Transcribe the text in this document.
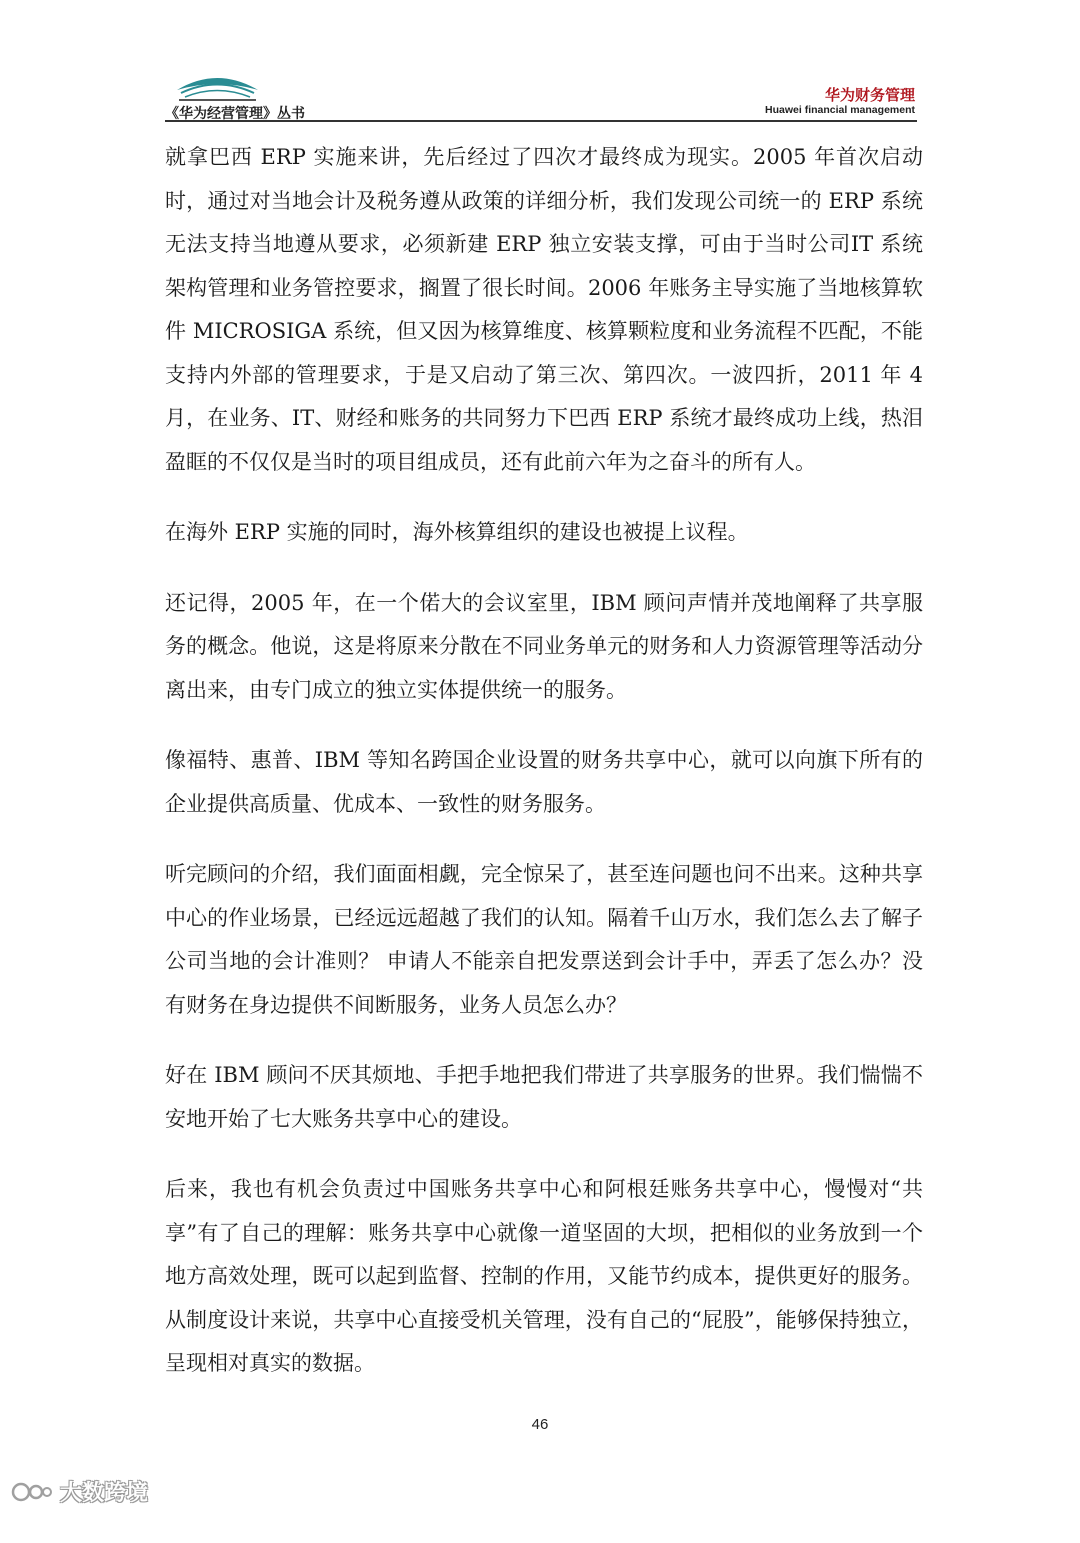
《华为经营管理》丛书
华为财务管理
Huawei financial management

就拿巴西 ERP 实施来讲，先后经过了四次才最终成为现实。2005 年首次启动时，通过对当地会计及税务遵从政策的详细分析，我们发现公司统一的 ERP 系统无法支持当地遵从要求，必须新建 ERP 独立安装支撑，可由于当时公司IT 系统架构管理和业务管控要求，搁置了很长时间。2006 年账务主导实施了当地核算软件 MICROSIGA 系统，但又因为核算维度、核算颗粒度和业务流程不匹配，不能支持内外部的管理要求，于是又启动了第三次、第四次。一波四折，2011 年 4 月，在业务、IT、财经和账务的共同努力下巴西 ERP 系统才最终成功上线，热泪盈眶的不仅仅是当时的项目组成员，还有此前六年为之奋斗的所有人。

在海外 ERP 实施的同时，海外核算组织的建设也被提上议程。

还记得，2005 年，在一个偌大的会议室里，IBM 顾问声情并茂地阐释了共享服务的概念。他说，这是将原来分散在不同业务单元的财务和人力资源管理等活动分离出来，由专门成立的独立实体提供统一的服务。

像福特、惠普、IBM 等知名跨国企业设置的财务共享中心，就可以向旗下所有的企业提供高质量、优成本、一致性的财务服务。

听完顾问的介绍，我们面面相觑，完全惊呆了，甚至连问题也问不出来。这种共享中心的作业场景，已经远远超越了我们的认知。隔着千山万水，我们怎么去了解子公司当地的会计准则？ 申请人不能亲自把发票送到会计手中，弄丢了怎么办？没有财务在身边提供不间断服务，业务人员怎么办？

好在 IBM 顾问不厌其烦地、手把手地把我们带进了共享服务的世界。我们惴惴不安地开始了七大账务共享中心的建设。

后来，我也有机会负责过中国账务共享中心和阿根廷账务共享中心，慢慢对“共享”有了自己的理解：账务共享中心就像一道坚固的大坝，把相似的业务放到一个地方高效处理，既可以起到监督、控制的作用，又能节约成本，提供更好的服务。从制度设计来说，共享中心直接受机关管理，没有自己的“屁股”，能够保持独立，呈现相对真实的数据。

46
大数跨境
